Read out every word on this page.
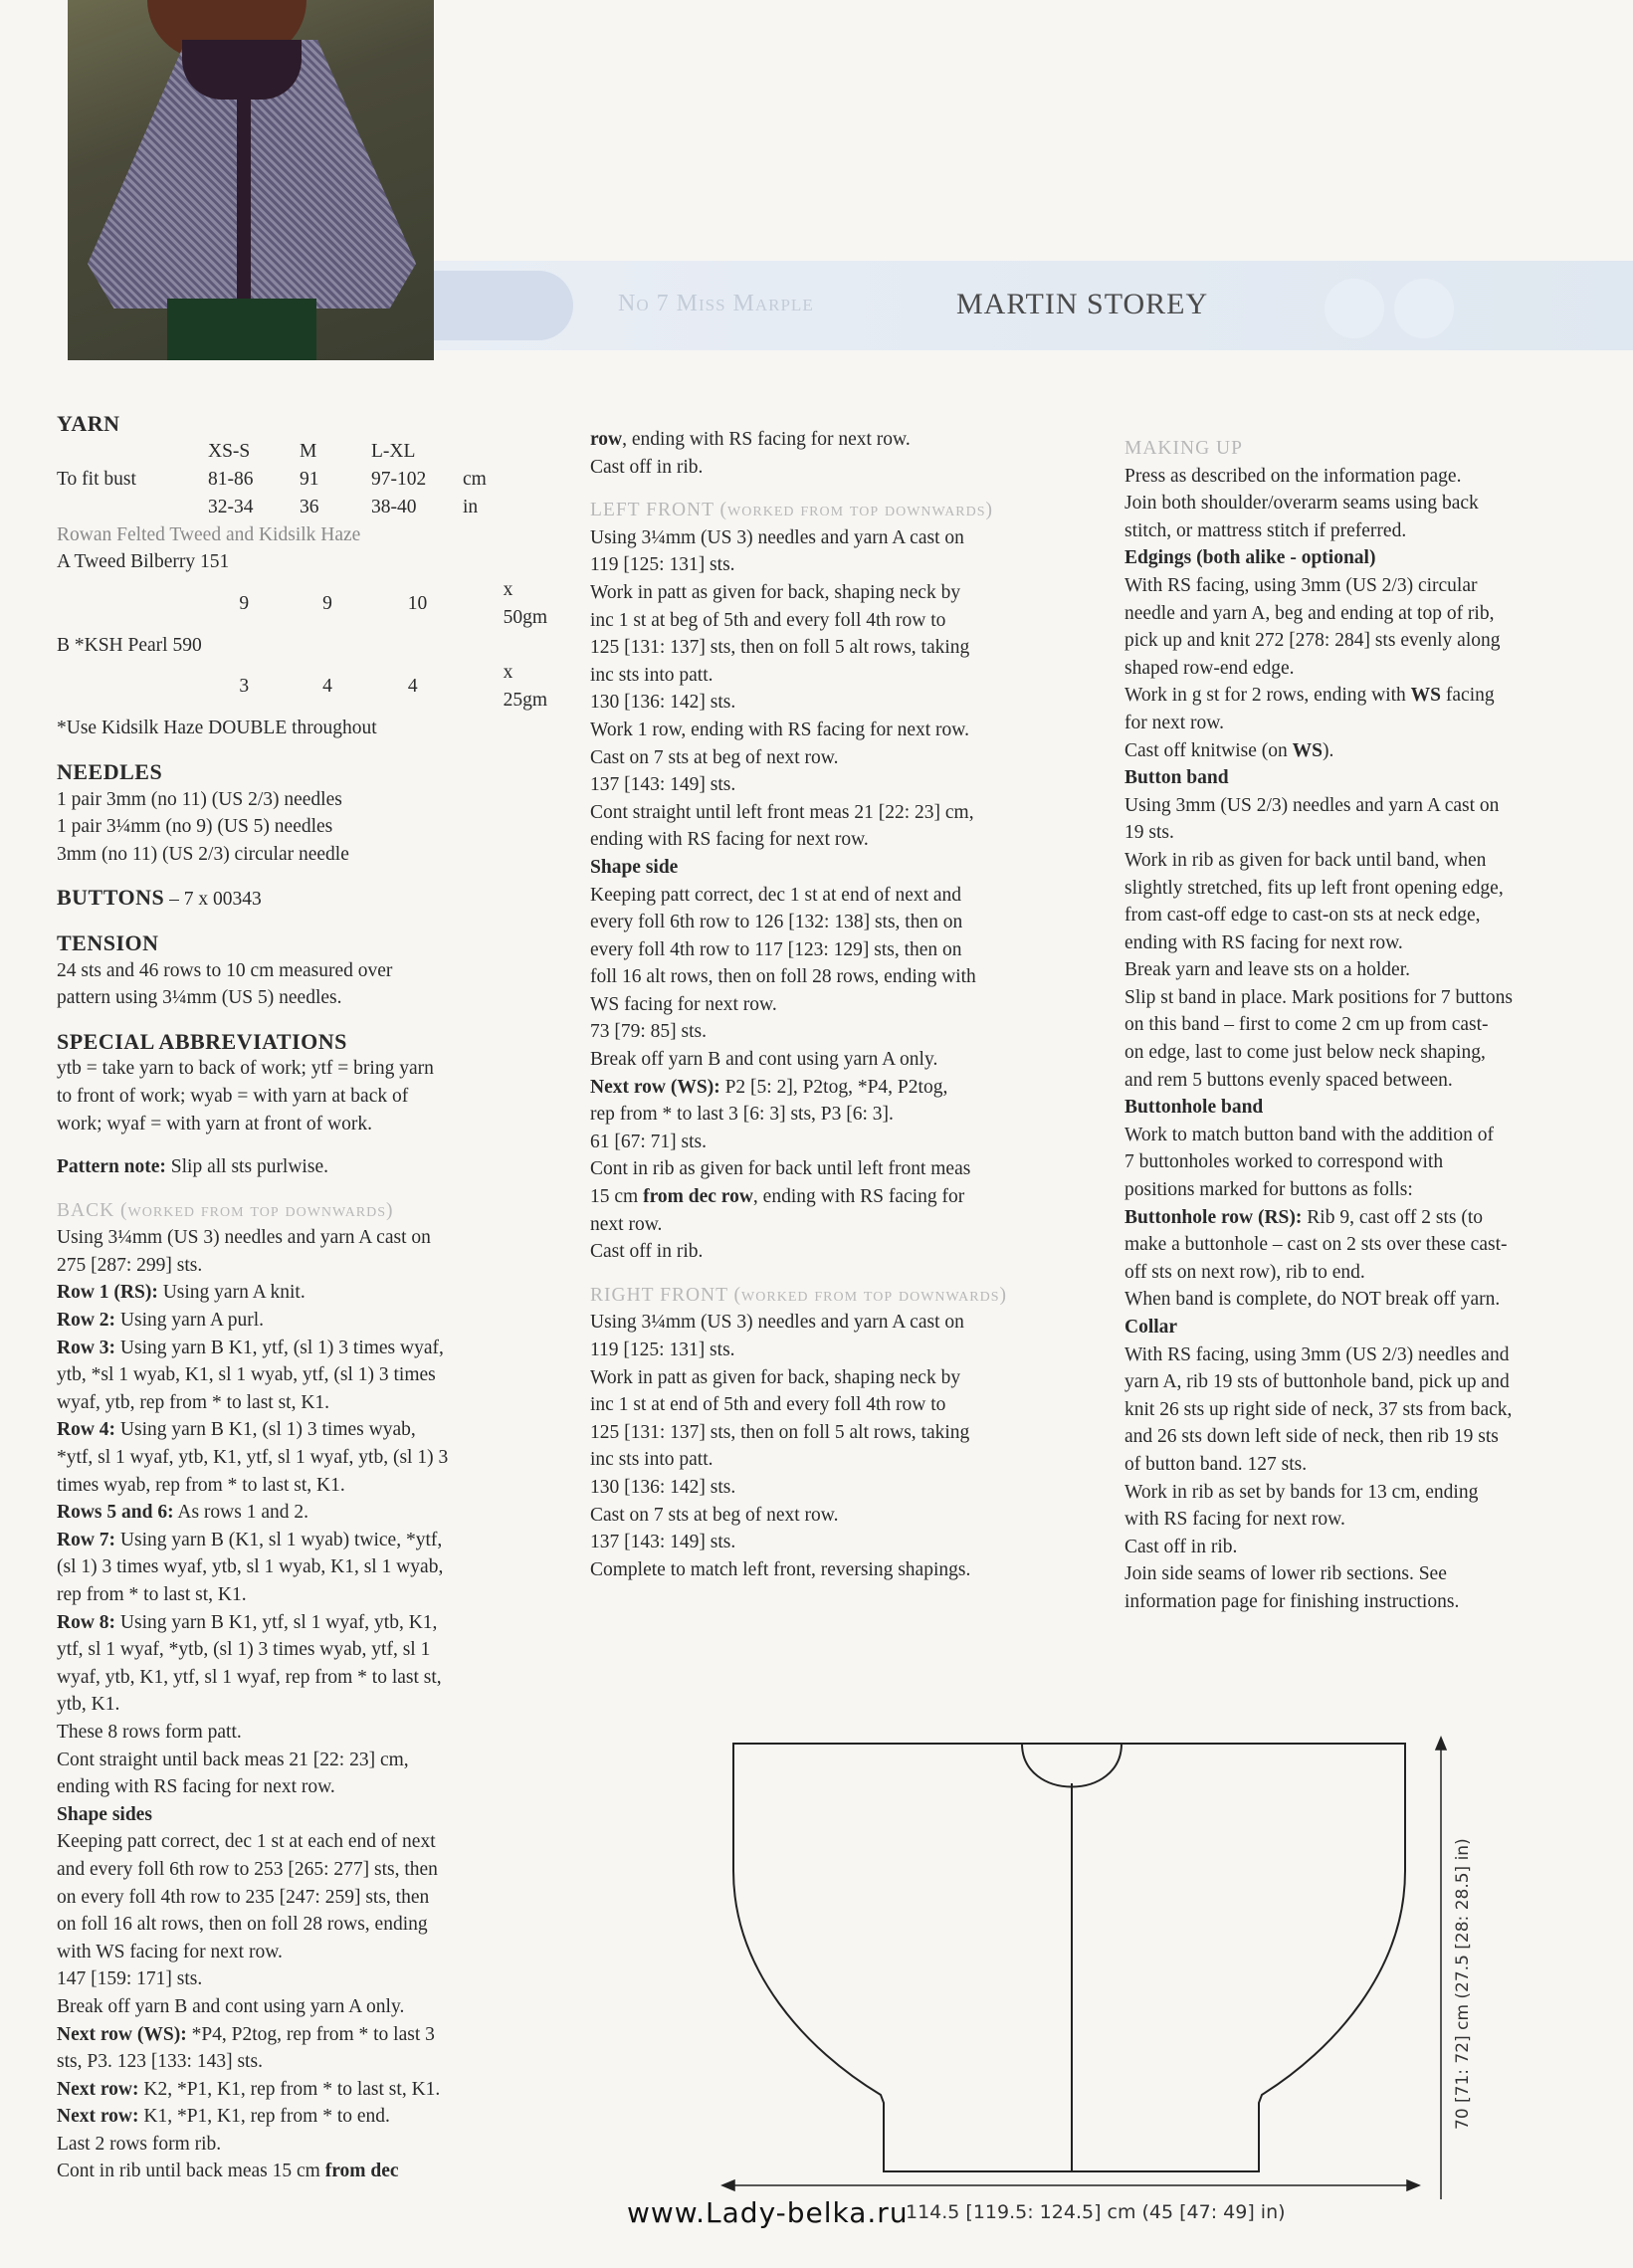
No 7 Miss Marple	MARTIN STOREY

YARN

	XS-S	M	L-XL	
To fit bust	81-86	91	97-102	cm
	32-34	36	38-40	in

Rowan Felted Tweed and Kidsilk Haze

A Tweed Bilberry 151

	9	9	10	x 50gm

B *KSH Pearl 590

	3	4	4	x 25gm

*Use Kidsilk Haze DOUBLE throughout

NEEDLES

1 pair 3mm (no 11) (US 2/3) needles

1 pair 3¼mm (no 9) (US 5) needles

3mm (no 11) (US 2/3) circular needle

BUTTONS – 7 x 00343

TENSION

24 sts and 46 rows to 10 cm measured over

pattern using 3¼mm (US 5) needles.

SPECIAL ABBREVIATIONS

ytb = take yarn to back of work; ytf = bring yarn

to front of work; wyab = with yarn at back of

work; wyaf = with yarn at front of work.

Pattern note: Slip all sts purlwise.

BACK (worked from top downwards)

Using 3¼mm (US 3) needles and yarn A cast on

275 [287: 299] sts.

Row 1 (RS): Using yarn A knit.

Row 2: Using yarn A purl.

Row 3: Using yarn B K1, ytf, (sl 1) 3 times wyaf,

ytb, *sl 1 wyab, K1, sl 1 wyab, ytf, (sl 1) 3 times

wyaf, ytb, rep from * to last st, K1.

Row 4: Using yarn B K1, (sl 1) 3 times wyab,

*ytf, sl 1 wyaf, ytb, K1, ytf, sl 1 wyaf, ytb, (sl 1) 3

times wyab, rep from * to last st, K1.

Rows 5 and 6: As rows 1 and 2.

Row 7: Using yarn B (K1, sl 1 wyab) twice, *ytf,

(sl 1) 3 times wyaf, ytb, sl 1 wyab, K1, sl 1 wyab,

rep from * to last st, K1.

Row 8: Using yarn B K1, ytf, sl 1 wyaf, ytb, K1,

ytf, sl 1 wyaf, *ytb, (sl 1) 3 times wyab, ytf, sl 1

wyaf, ytb, K1, ytf, sl 1 wyaf, rep from * to last st,

ytb, K1.

These 8 rows form patt.

Cont straight until back meas 21 [22: 23] cm,

ending with RS facing for next row.

Shape sides

Keeping patt correct, dec 1 st at each end of next

and every foll 6th row to 253 [265: 277] sts, then

on every foll 4th row to 235 [247: 259] sts, then

on foll 16 alt rows, then on foll 28 rows, ending

with WS facing for next row.

147 [159: 171] sts.

Break off yarn B and cont using yarn A only.

Next row (WS): *P4, P2tog, rep from * to last 3

sts, P3. 123 [133: 143] sts.

Next row: K2, *P1, K1, rep from * to last st, K1.

Next row: K1, *P1, K1, rep from * to end.

Last 2 rows form rib.

Cont in rib until back meas 15 cm from dec

row, ending with RS facing for next row.

Cast off in rib.

LEFT FRONT (worked from top downwards)

Using 3¼mm (US 3) needles and yarn A cast on

119 [125: 131] sts.

Work in patt as given for back, shaping neck by

inc 1 st at beg of 5th and every foll 4th row to

125 [131: 137] sts, then on foll 5 alt rows, taking

inc sts into patt.

130 [136: 142] sts.

Work 1 row, ending with RS facing for next row.

Cast on 7 sts at beg of next row.

137 [143: 149] sts.

Cont straight until left front meas 21 [22: 23] cm,

ending with RS facing for next row.

Shape side

Keeping patt correct, dec 1 st at end of next and

every foll 6th row to 126 [132: 138] sts, then on

every foll 4th row to 117 [123: 129] sts, then on

foll 16 alt rows, then on foll 28 rows, ending with

WS facing for next row.

73 [79: 85] sts.

Break off yarn B and cont using yarn A only.

Next row (WS): P2 [5: 2], P2tog, *P4, P2tog,

rep from * to last 3 [6: 3] sts, P3 [6: 3].

61 [67: 71] sts.

Cont in rib as given for back until left front meas

15 cm from dec row, ending with RS facing for

next row.

Cast off in rib.

RIGHT FRONT (worked from top downwards)

Using 3¼mm (US 3) needles and yarn A cast on

119 [125: 131] sts.

Work in patt as given for back, shaping neck by

inc 1 st at end of 5th and every foll 4th row to

125 [131: 137] sts, then on foll 5 alt rows, taking

inc sts into patt.

130 [136: 142] sts.

Cast on 7 sts at beg of next row.

137 [143: 149] sts.

Complete to match left front, reversing shapings.

MAKING UP

Press as described on the information page.

Join both shoulder/overarm seams using back

stitch, or mattress stitch if preferred.

Edgings (both alike - optional)

With RS facing, using 3mm (US 2/3) circular

needle and yarn A, beg and ending at top of rib,

pick up and knit 272 [278: 284] sts evenly along

shaped row-end edge.

Work in g st for 2 rows, ending with WS facing

for next row.

Cast off knitwise (on WS).

Button band

Using 3mm (US 2/3) needles and yarn A cast on

19 sts.

Work in rib as given for back until band, when

slightly stretched, fits up left front opening edge,

from cast-off edge to cast-on sts at neck edge,

ending with RS facing for next row.

Break yarn and leave sts on a holder.

Slip st band in place. Mark positions for 7 buttons

on this band – first to come 2 cm up from cast-

on edge, last to come just below neck shaping,

and rem 5 buttons evenly spaced between.

Buttonhole band

Work to match button band with the addition of

7 buttonholes worked to correspond with

positions marked for buttons as folls:

Buttonhole row (RS): Rib 9, cast off 2 sts (to

make a buttonhole – cast on 2 sts over these cast-

off sts on next row), rib to end.

When band is complete, do NOT break off yarn.

Collar

With RS facing, using 3mm (US 2/3) needles and

yarn A, rib 19 sts of buttonhole band, pick up and

knit 26 sts up right side of neck, 37 sts from back,

and 26 sts down left side of neck, then rib 19 sts

of button band. 127 sts.

Work in rib as set by bands for 13 cm, ending

with RS facing for next row.

Cast off in rib.

Join side seams of lower rib sections. See

information page for finishing instructions.

70 [71: 72] cm (27.5 [28: 28.5] in)
114.5 [119.5: 124.5] cm (45 [47: 49] in)
www.Lady-belka.ru
